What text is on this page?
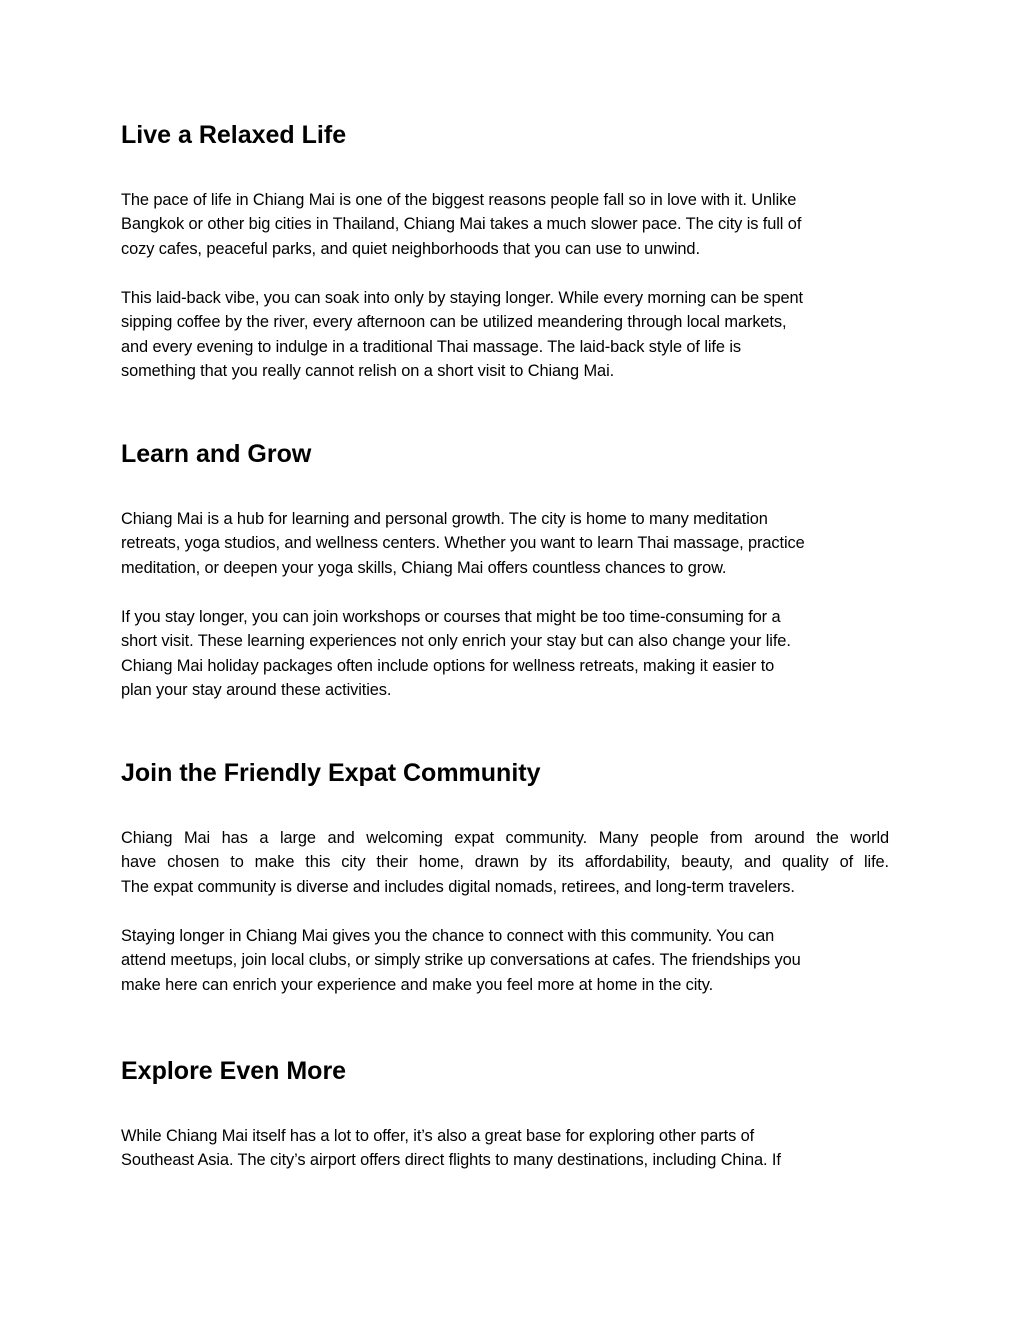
Live a Relaxed Life

The pace of life in Chiang Mai is one of the biggest reasons people fall so in love with it. Unlike
Bangkok or other big cities in Thailand, Chiang Mai takes a much slower pace. The city is full of
cozy cafes, peaceful parks, and quiet neighborhoods that you can use to unwind.

This laid-back vibe, you can soak into only by staying longer. While every morning can be spent
sipping coffee by the river, every afternoon can be utilized meandering through local markets,
and every evening to indulge in a traditional Thai massage. The laid-back style of life is
something that you really cannot relish on a short visit to Chiang Mai.

Learn and Grow

Chiang Mai is a hub for learning and personal growth. The city is home to many meditation
retreats, yoga studios, and wellness centers. Whether you want to learn Thai massage, practice
meditation, or deepen your yoga skills, Chiang Mai offers countless chances to grow.

If you stay longer, you can join workshops or courses that might be too time-consuming for a
short visit. These learning experiences not only enrich your stay but can also change your life.
Chiang Mai holiday packages often include options for wellness retreats, making it easier to
plan your stay around these activities.

Join the Friendly Expat Community

Chiang Mai has a large and welcoming expat community. Many people from around the world
have chosen to make this city their home, drawn by its affordability, beauty, and quality of life.
The expat community is diverse and includes digital nomads, retirees, and long-term travelers.

Staying longer in Chiang Mai gives you the chance to connect with this community. You can
attend meetups, join local clubs, or simply strike up conversations at cafes. The friendships you
make here can enrich your experience and make you feel more at home in the city.

Explore Even More

While Chiang Mai itself has a lot to offer, it’s also a great base for exploring other parts of
Southeast Asia. The city’s airport offers direct flights to many destinations, including China. If
